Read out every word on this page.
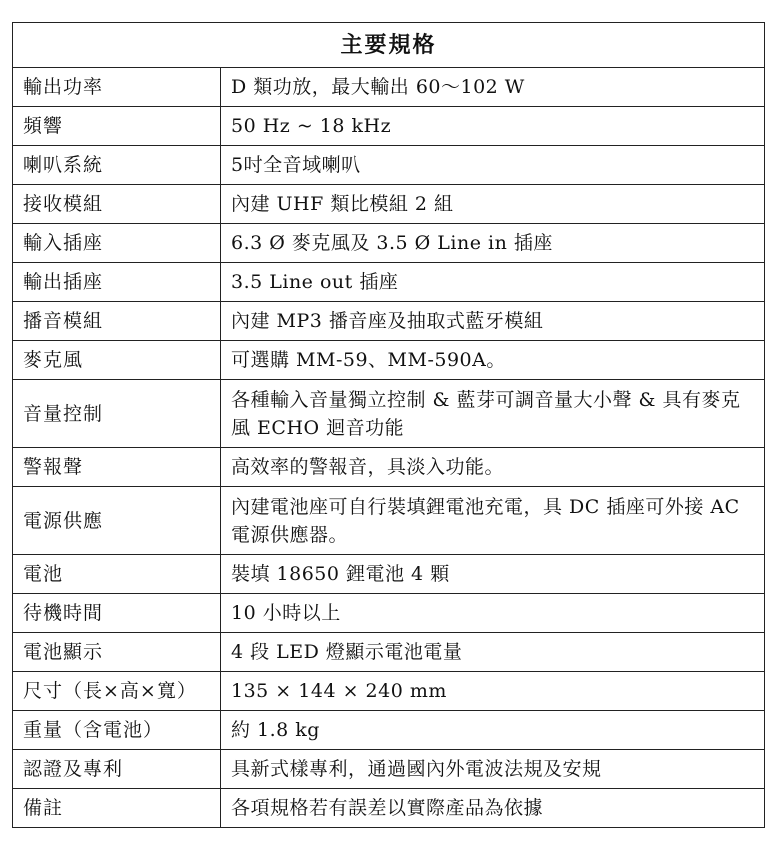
主要規格	
輸出功率	D 類功放，最大輸出 60～102 W
頻響	50 Hz ~ 18 kHz
喇叭系統	5吋全音域喇叭
接收模組	內建 UHF 類比模組 2 組
輸入插座	6.3 Ø 麥克風及 3.5 Ø Line in 插座
輸出插座	3.5 Line out 插座
播音模組	內建 MP3 播音座及抽取式藍牙模組
麥克風	可選購 MM-59、MM-590A。
音量控制	各種輸入音量獨立控制 & 藍芽可調音量大小聲 & 具有麥克風 ECHO 迴音功能
警報聲	高效率的警報音，具淡入功能。
電源供應	內建電池座可自行裝填鋰電池充電，具 DC 插座可外接 AC 電源供應器。
電池	裝填 18650 鋰電池 4 顆
待機時間	10 小時以上
電池顯示	4 段 LED 燈顯示電池電量
尺寸（長×高×寬）	135 × 144 × 240 mm
重量（含電池）	約 1.8 kg
認證及專利	具新式樣專利，通過國內外電波法規及安規
備註	各項規格若有誤差以實際產品為依據
